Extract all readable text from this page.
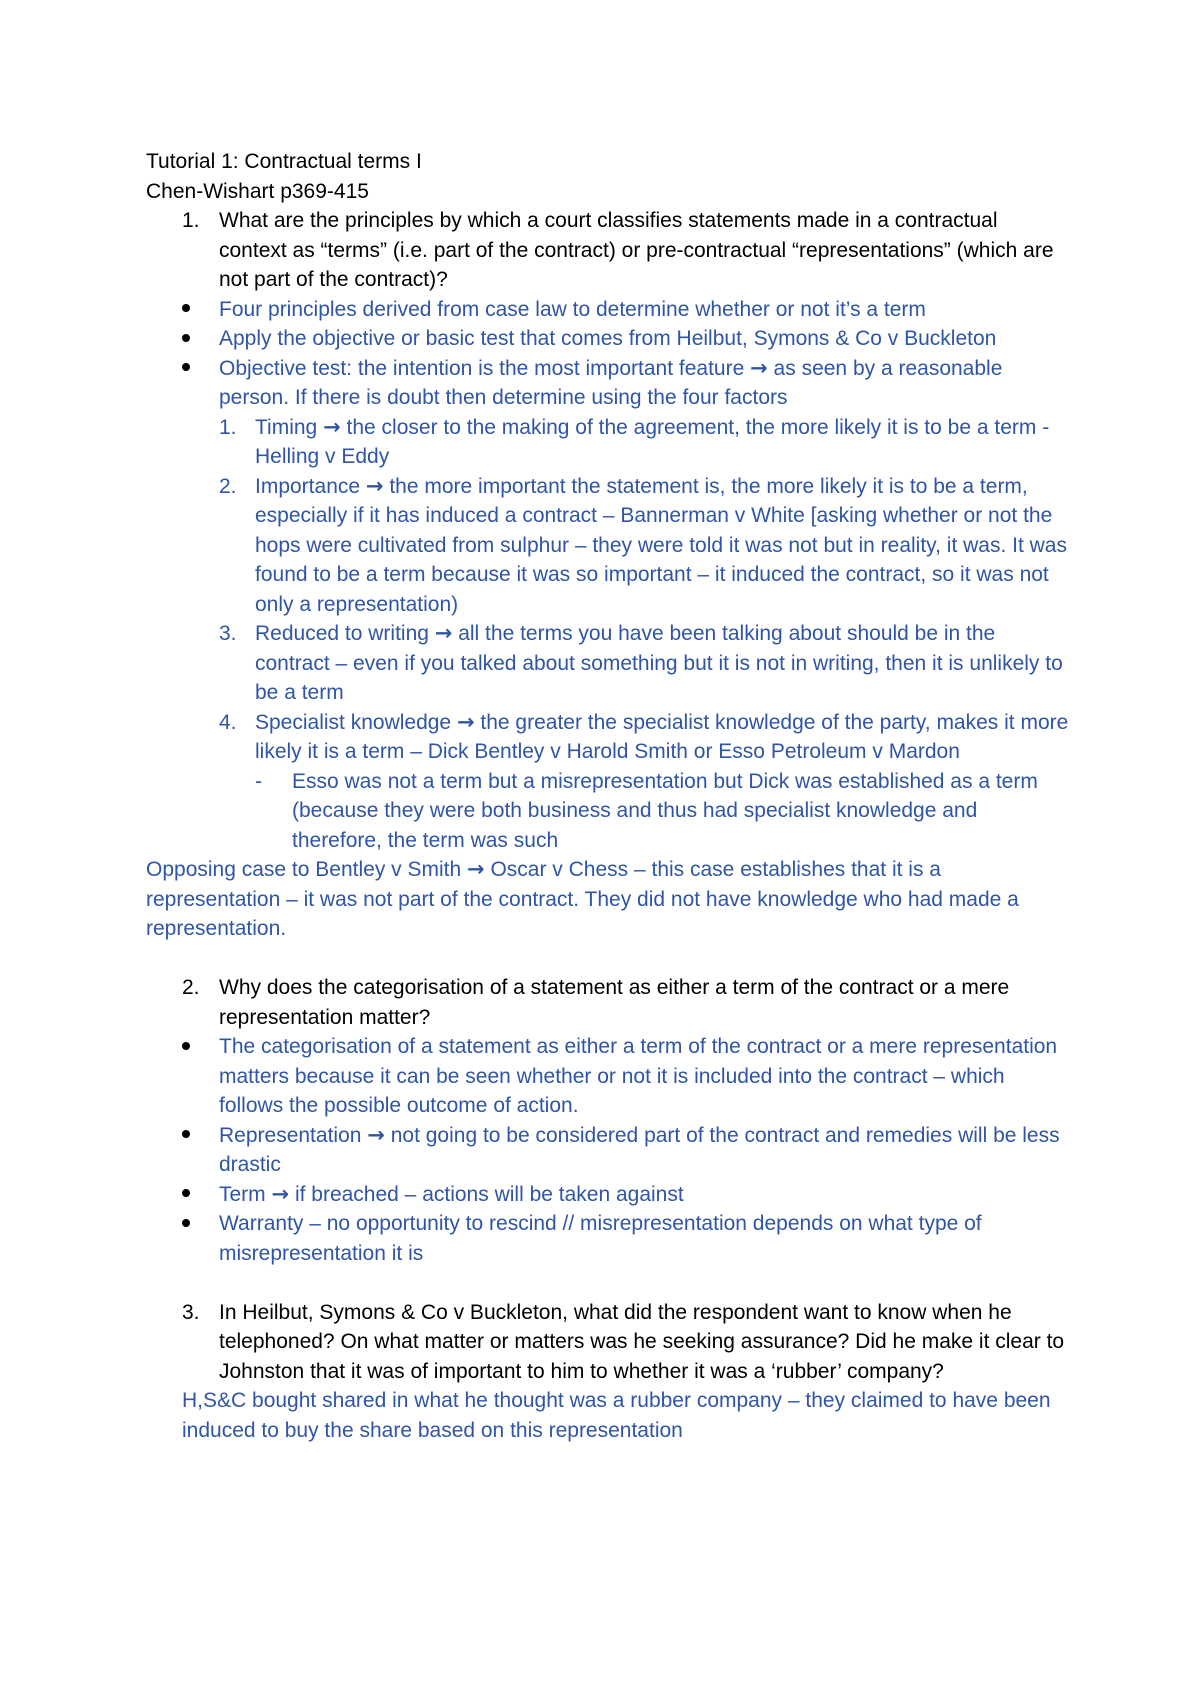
Tutorial 1: Contractual terms I

Chen-Wishart p369-415

1. What are the principles by which a court classifies statements made in a contractual context as “terms” (i.e. part of the contract) or pre-contractual “representations” (which are not part of the contract)?
Four principles derived from case law to determine whether or not it’s a term
Apply the objective or basic test that comes from Heilbut, Symons & Co v Buckleton
Objective test: the intention is the most important feature → as seen by a reasonable person. If there is doubt then determine using the four factors
1. Timing → the closer to the making of the agreement, the more likely it is to be a term - Helling v Eddy
2. Importance → the more important the statement is, the more likely it is to be a term, especially if it has induced a contract – Bannerman v White [asking whether or not the hops were cultivated from sulphur – they were told it was not but in reality, it was. It was found to be a term because it was so important – it induced the contract, so it was not only a representation)
3. Reduced to writing → all the terms you have been talking about should be in the contract – even if you talked about something but it is not in writing, then it is unlikely to be a term
4. Specialist knowledge → the greater the specialist knowledge of the party, makes it more likely it is a term – Dick Bentley v Harold Smith or Esso Petroleum v Mardon
- Esso was not a term but a misrepresentation but Dick was established as a term (because they were both business and thus had specialist knowledge and therefore, the term was such

Opposing case to Bentley v Smith → Oscar v Chess – this case establishes that it is a representation – it was not part of the contract. They did not have knowledge who had made a representation.

2. Why does the categorisation of a statement as either a term of the contract or a mere representation matter?
The categorisation of a statement as either a term of the contract or a mere representation matters because it can be seen whether or not it is included into the contract – which follows the possible outcome of action.
Representation → not going to be considered part of the contract and remedies will be less drastic
Term → if breached – actions will be taken against
Warranty – no opportunity to rescind // misrepresentation depends on what type of misrepresentation it is
3. In Heilbut, Symons & Co v Buckleton, what did the respondent want to know when he telephoned? On what matter or matters was he seeking assurance? Did he make it clear to Johnston that it was of important to him to whether it was a ‘rubber’ company?
H,S&C bought shared in what he thought was a rubber company – they claimed to have been induced to buy the share based on this representation
